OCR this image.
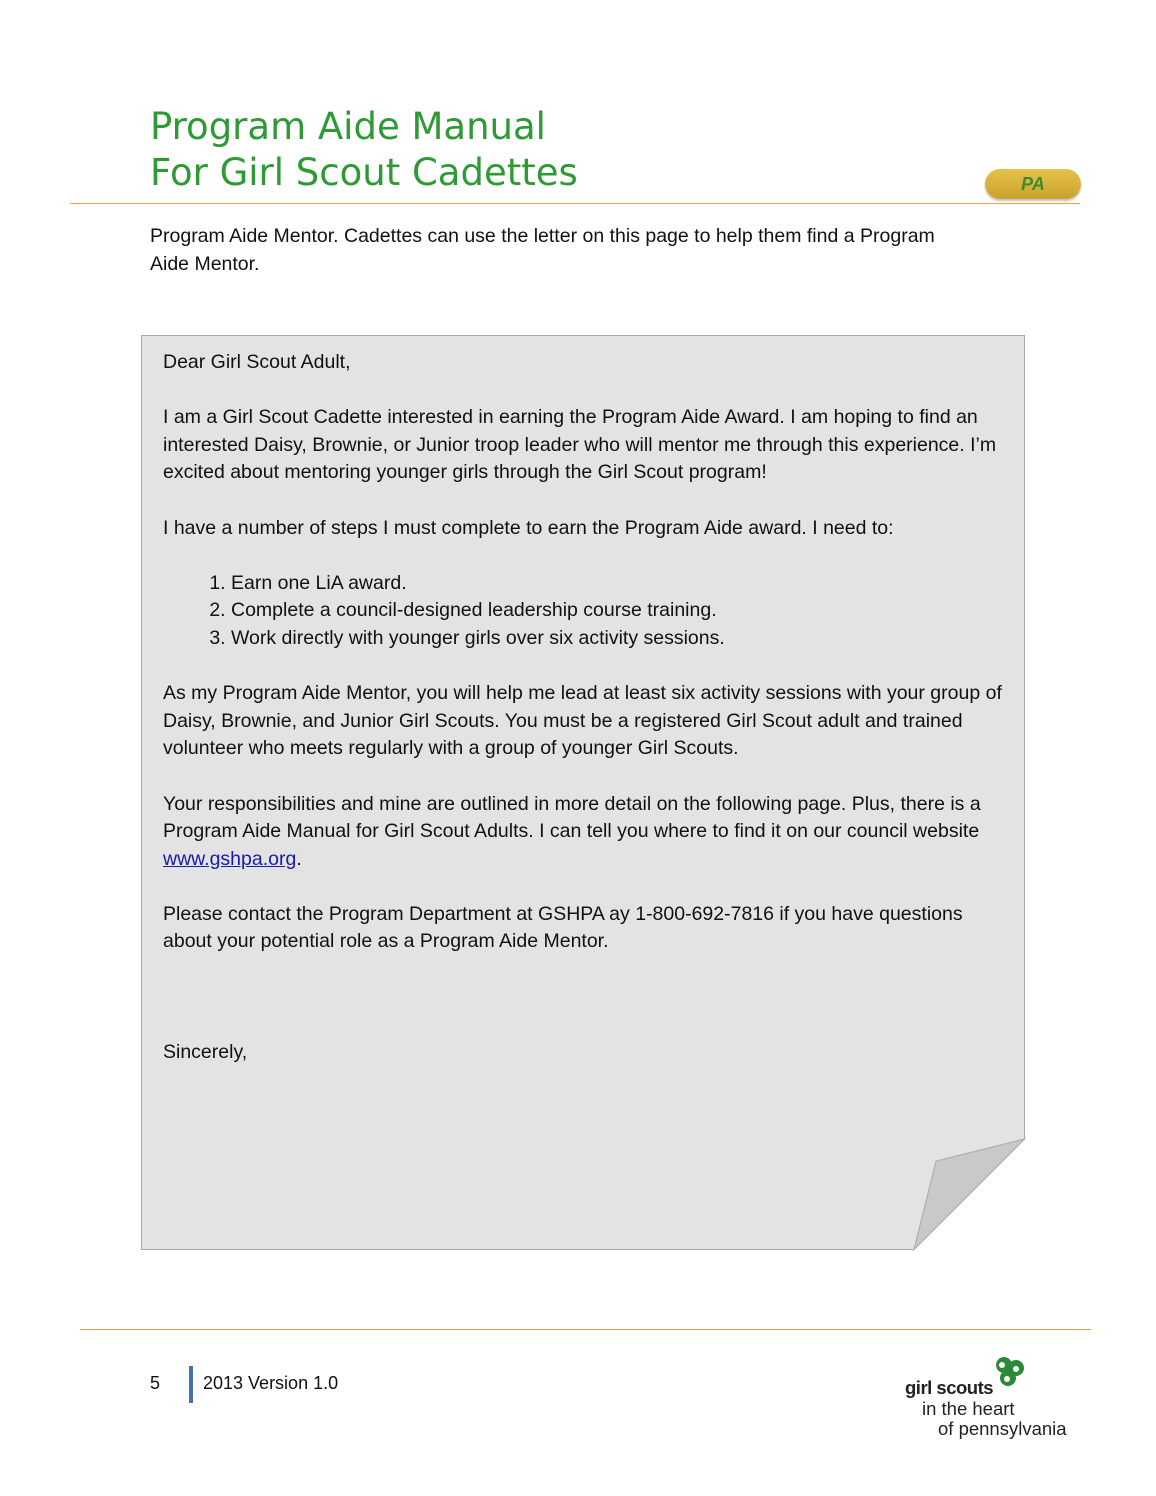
Program Aide Manual
For Girl Scout Cadettes	PA

Program Aide Mentor. Cadettes can use the letter on this page to help them find a Program Aide Mentor.

Dear Girl Scout Adult,

I am a Girl Scout Cadette interested in earning the Program Aide Award. I am hoping to find an interested Daisy, Brownie, or Junior troop leader who will mentor me through this experience. I’m excited about mentoring younger girls through the Girl Scout program!

I have a number of steps I must complete to earn the Program Aide award. I need to:

1. Earn one LiA award.
2. Complete a council-designed leadership course training.
3. Work directly with younger girls over six activity sessions.

As my Program Aide Mentor, you will help me lead at least six activity sessions with your group of Daisy, Brownie, and Junior Girl Scouts. You must be a registered Girl Scout adult and trained volunteer who meets regularly with a group of younger Girl Scouts.

Your responsibilities and mine are outlined in more detail on the following page. Plus, there is a Program Aide Manual for Girl Scout Adults. I can tell you where to find it on our council website www.gshpa.org.

Please contact the Program Department at GSHPA ay 1-800-692-7816 if you have questions about your potential role as a Program Aide Mentor.

Sincerely,

5 2013 Version 1.0	girl scouts
in the heart
of pennsylvania
